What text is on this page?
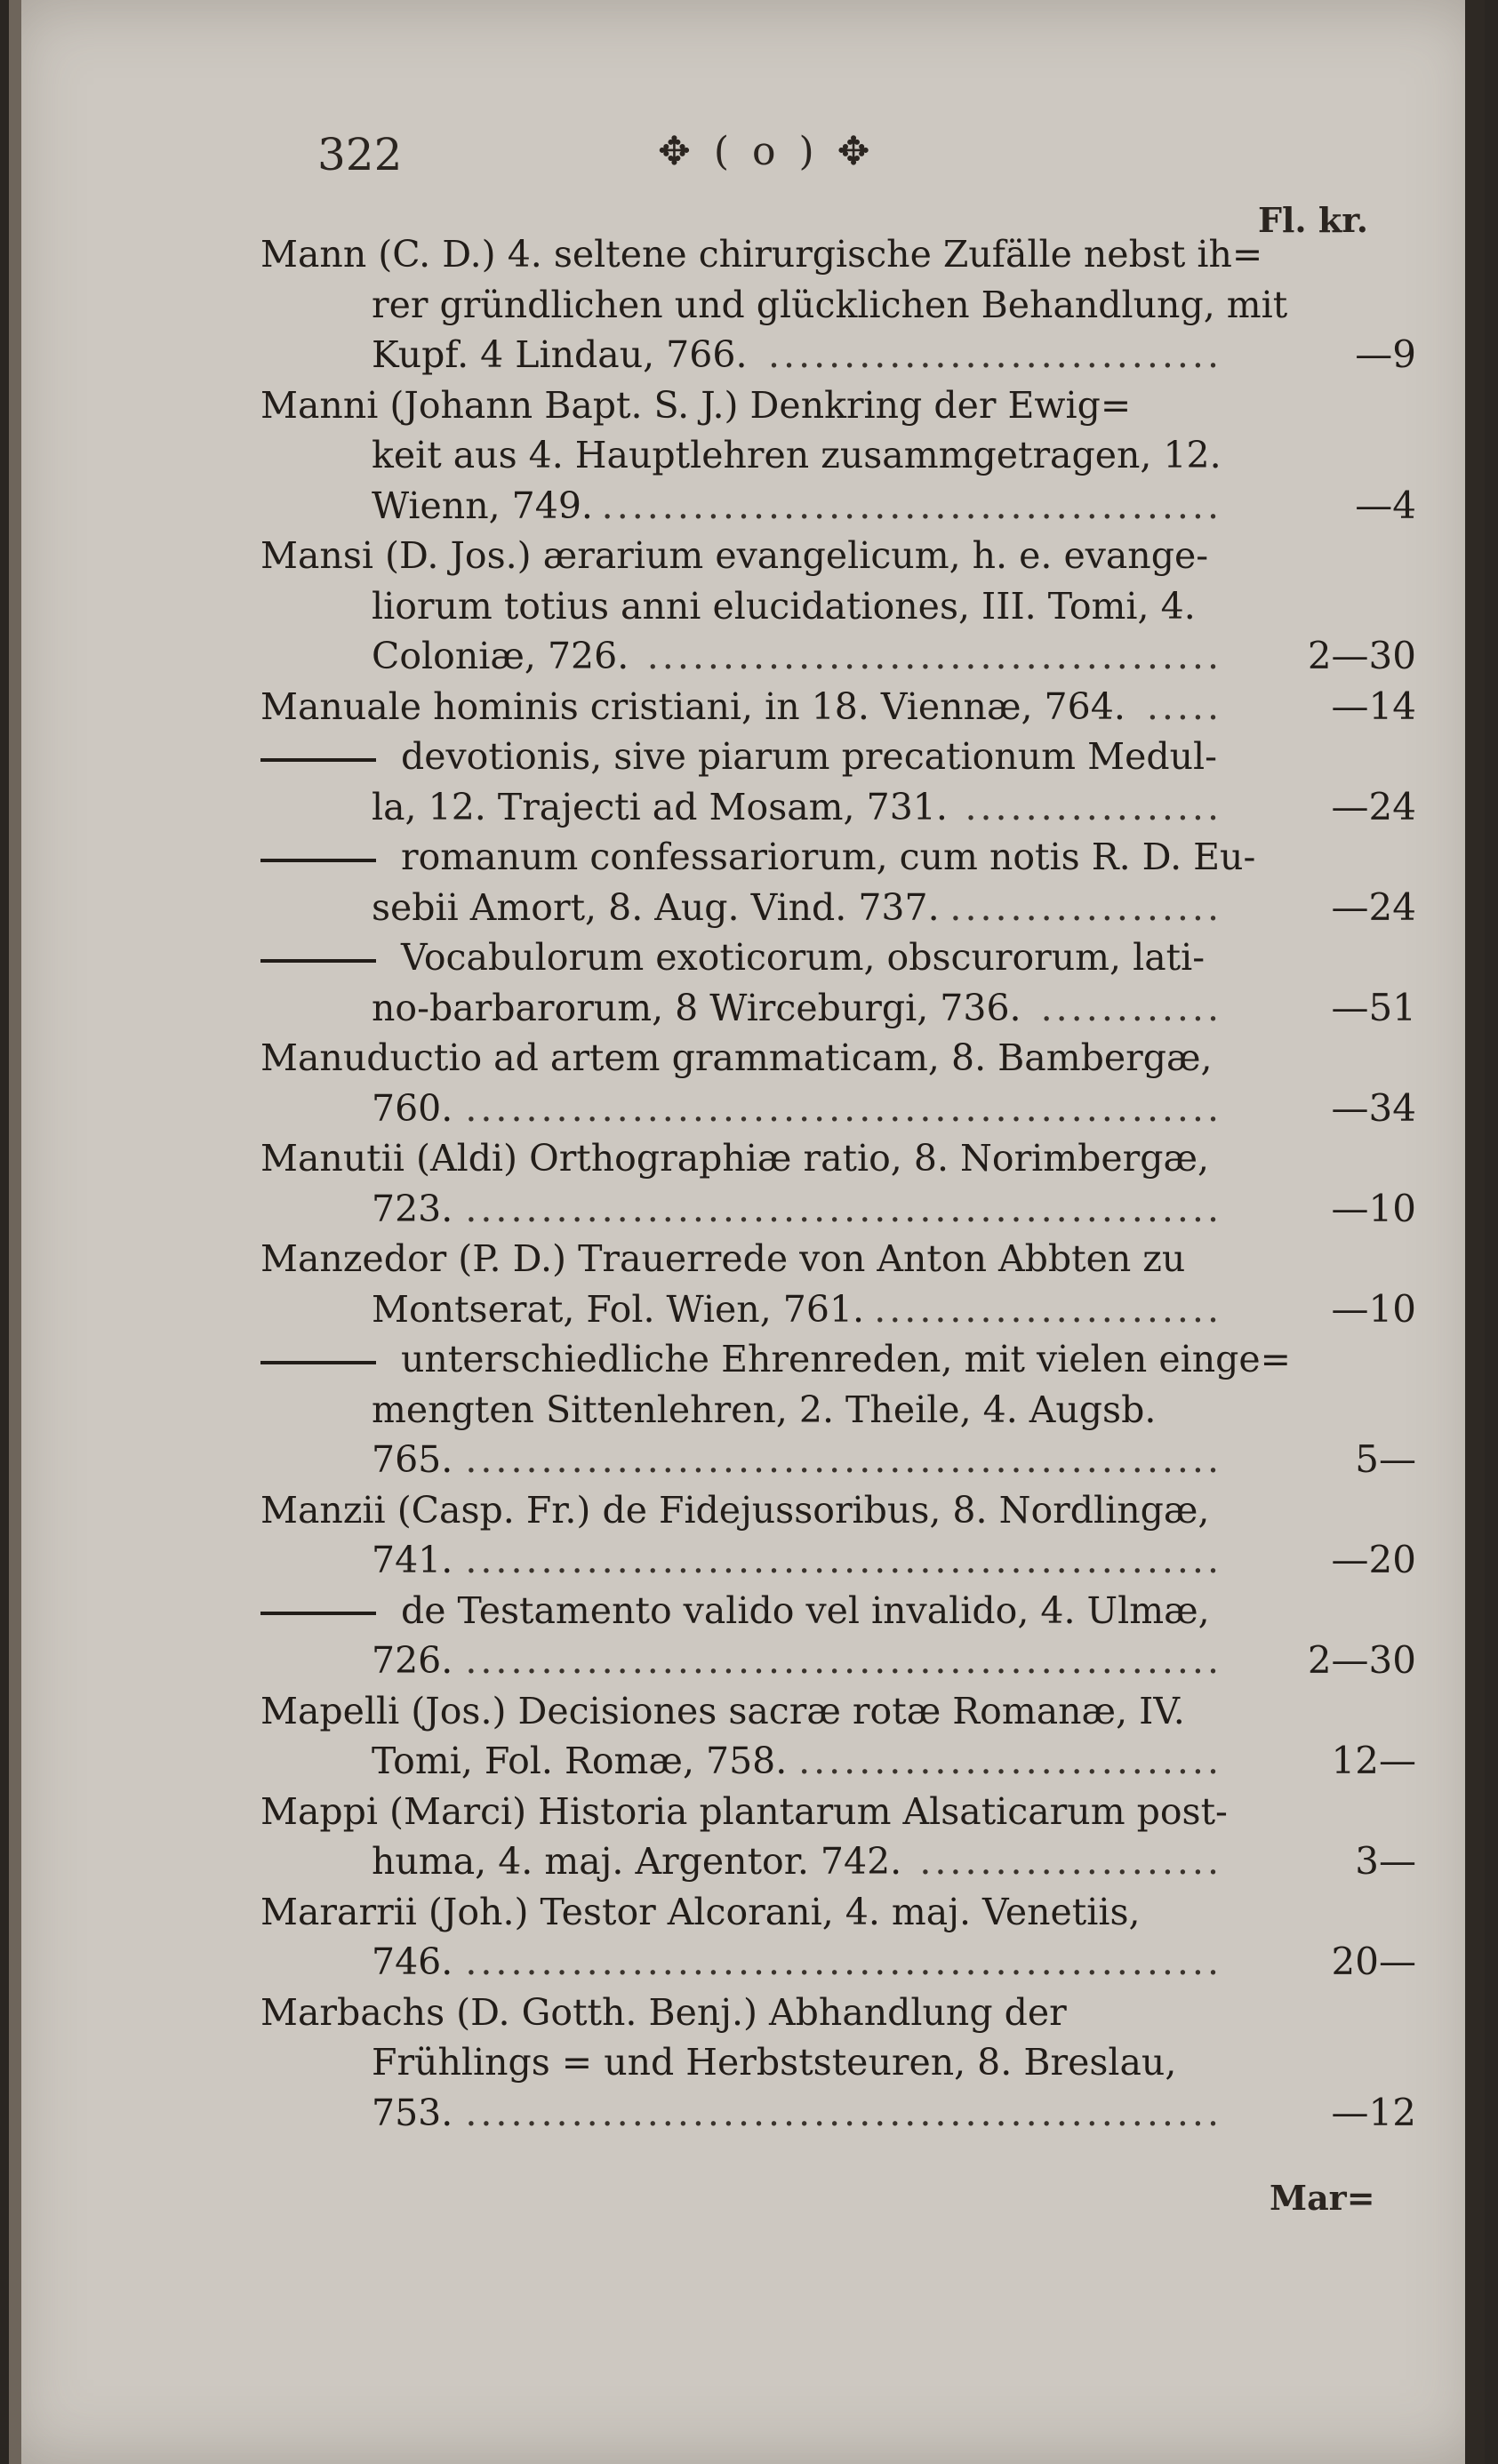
322	✥ ( o ) ✥
Fl. kr.
Mann (C. D.) 4. seltene chirurgische Zufälle nebst ih=
rer gründlichen und glücklichen Behandlung, mit
Kupf. 4 Lindau, 766. ..............................	—9
Manni (Johann Bapt. S. J.) Denkring der Ewig=
keit aus 4. Hauptlehren zusammgetragen, 12.
Wienn, 749. .........................................	—4
Mansi (D. Jos.) ærarium evangelicum, h. e. evange-
liorum totius anni elucidationes, III. Tomi, 4.
Coloniæ, 726. ......................................	2—30
Manuale hominis cristiani, in 18. Viennæ, 764. .....	—14
devotionis, sive piarum precationum Medul-
la, 12. Trajecti ad Mosam, 731. .................	—24
romanum confessariorum, cum notis R. D. Eu-
sebii Amort, 8. Aug. Vind. 737. ..................	—24
Vocabulorum exoticorum, obscurorum, lati-
no-barbarorum, 8 Wirceburgi, 736. ............	—51
Manuductio ad artem grammaticam, 8. Bambergæ,
760. ..................................................	—34
Manutii (Aldi) Orthographiæ ratio, 8. Norimbergæ,
723. ..................................................	—10
Manzedor (P. D.) Trauerrede von Anton Abbten zu
Montserat, Fol. Wien, 761. .......................	—10
unterschiedliche Ehrenreden, mit vielen einge=
mengten Sittenlehren, 2. Theile, 4. Augsb.
765. ..................................................	5—
Manzii (Casp. Fr.) de Fidejussoribus, 8. Nordlingæ,
741. ..................................................	—20
de Testamento valido vel invalido, 4. Ulmæ,
726. ..................................................	2—30
Mapelli (Jos.) Decisiones sacræ rotæ Romanæ, IV.
Tomi, Fol. Romæ, 758. ............................	12—
Mappi (Marci) Historia plantarum Alsaticarum post-
huma, 4. maj. Argentor. 742. ....................	3—
Mararrii (Joh.) Testor Alcorani, 4. maj. Venetiis,
746. ..................................................	20—
Marbachs (D. Gotth. Benj.) Abhandlung der
Frühlings = und Herbststeuren, 8. Breslau,
753. ..................................................	—12
Mar=
